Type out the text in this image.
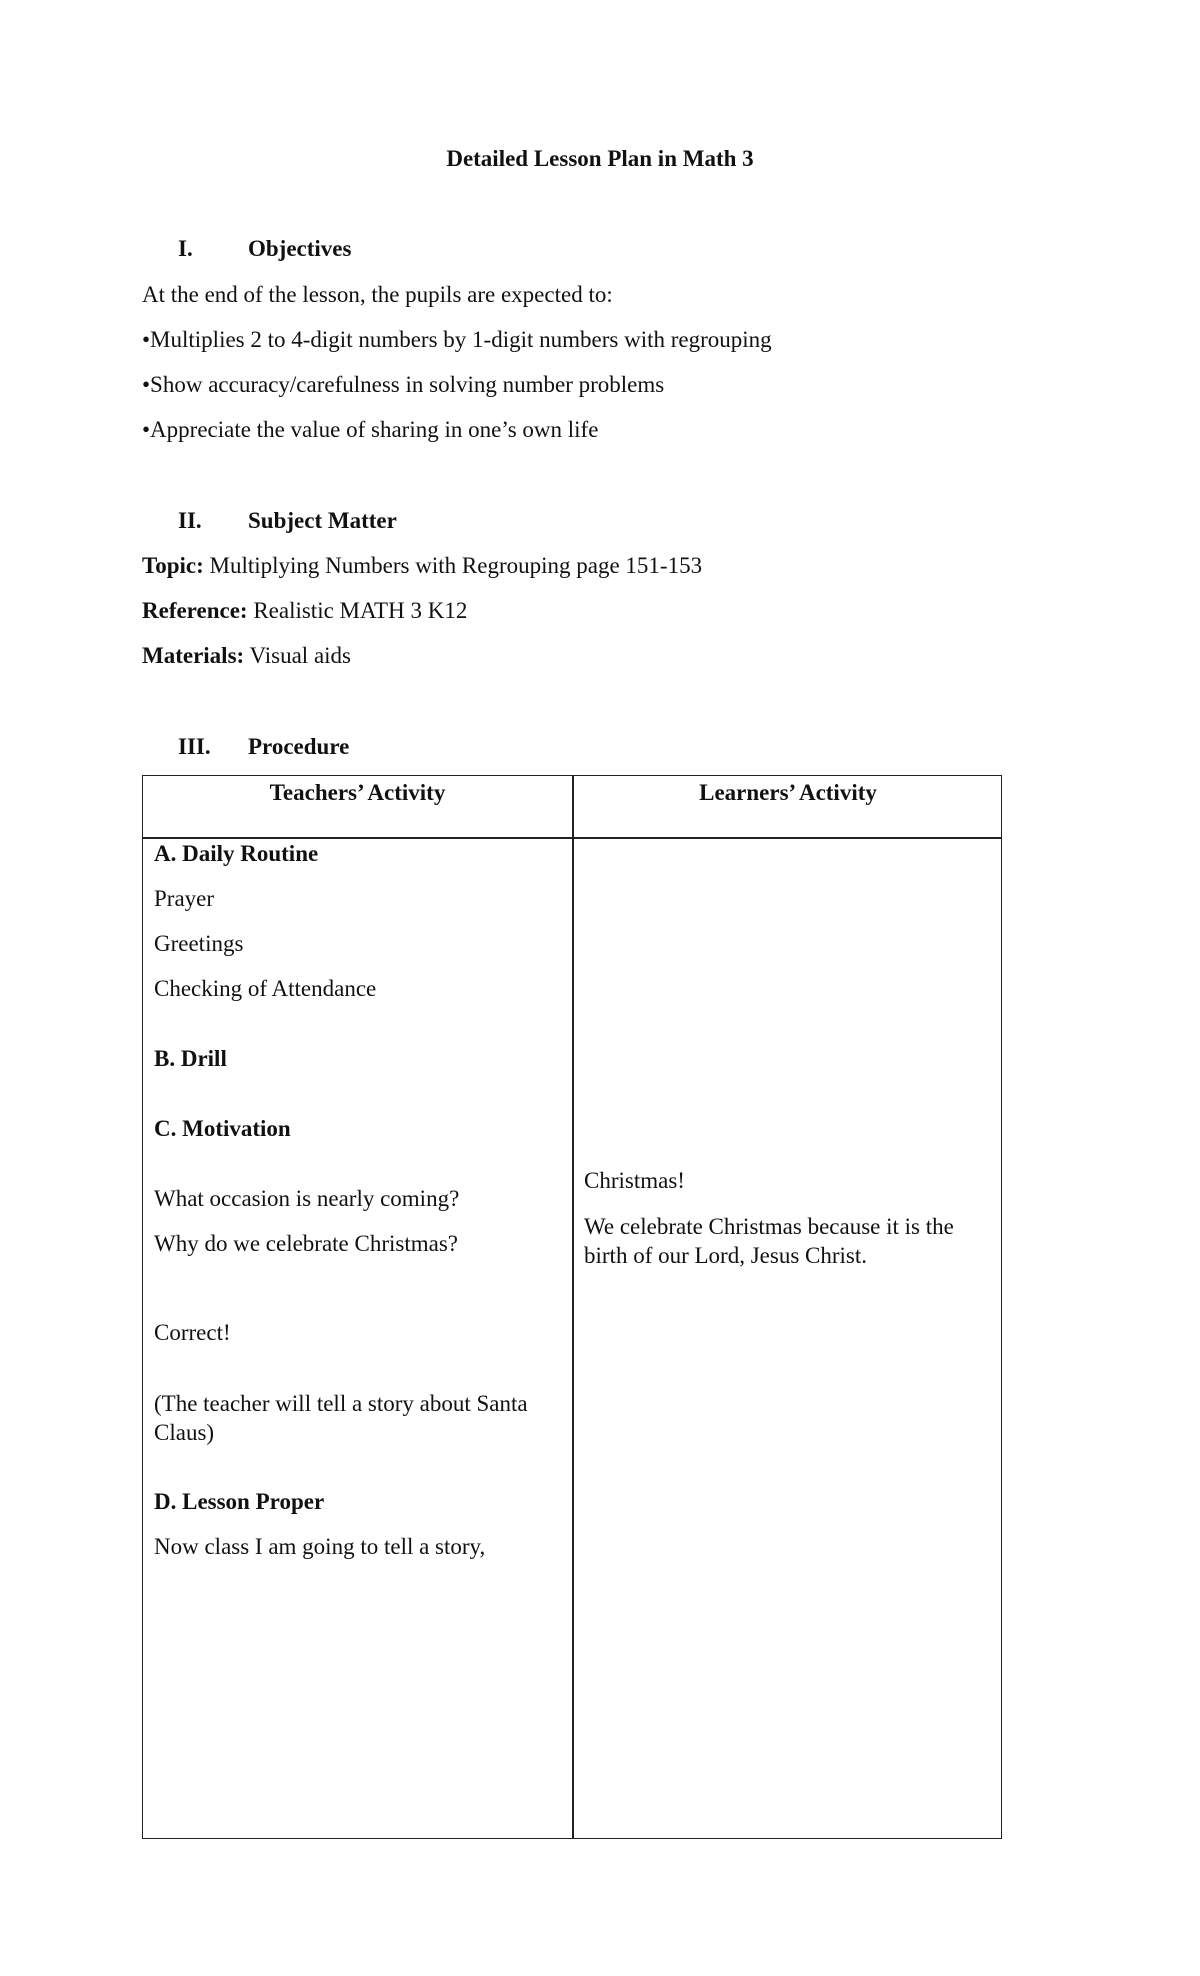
Detailed Lesson Plan in Math 3
I. Objectives
At the end of the lesson, the pupils are expected to:
•Multiplies 2 to 4-digit numbers by 1-digit numbers with regrouping
•Show accuracy/carefulness in solving number problems
•Appreciate the value of sharing in one’s own life
II. Subject Matter
Topic: Multiplying Numbers with Regrouping page 151-153
Reference: Realistic MATH 3 K12
Materials: Visual aids
III. Procedure
Teachers’ Activity	Learners’ Activity
A. Daily Routine
Prayer
Greetings
Checking of Attendance
B. Drill
C. Motivation
What occasion is nearly coming?
Why do we celebrate Christmas?
Correct!
(The teacher will tell a story about Santa Claus)
D. Lesson Proper
Now class I am going to tell a story,
Christmas!
We celebrate Christmas because it is the birth of our Lord, Jesus Christ.
